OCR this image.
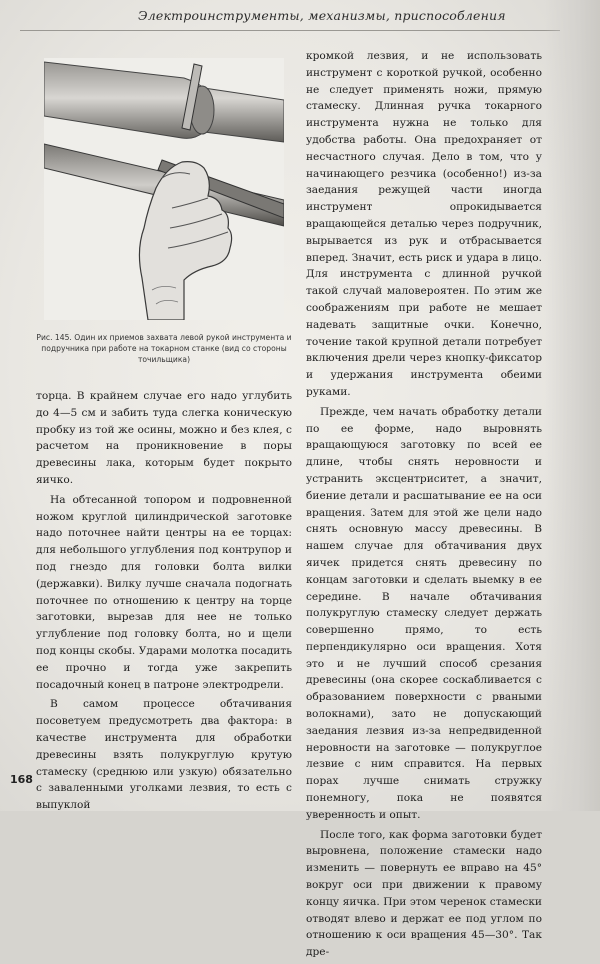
Электроинструменты, механизмы, приспособления
Рис. 145. Один их приемов захвата левой рукой инструмента и подручника при работе на токарном станке (вид со стороны точильщика)

торца. В крайнем случае его надо углубить до 4—5 см и забить туда слегка коническую пробку из той же осины, можно и без клея, с расчетом на проникновение в поры древесины лака, которым будет покрыто яичко.

На обтесанной топором и подровненной ножом круглой цилиндрической заготовке надо поточнее найти центры на ее торцах: для небольшого углубления под контрупор и под гнездо для головки болта вилки (державки). Вилку лучше сначала подогнать поточнее по отношению к центру на торце заготовки, вырезав для нее не только углубление под головку болта, но и щели под концы скобы. Ударами молотка посадить ее прочно и тогда уже закрепить посадочный конец в патроне электродрели.

В самом процессе обтачивания посоветуем предусмотреть два фактора: в качестве инструмента для обработки древесины взять полукруглую крутую стамеску (среднюю или узкую) обязательно с заваленными уголками лезвия, то есть с выпуклой

кромкой лезвия, и не использовать инструмент с короткой ручкой, особенно не следует применять ножи, прямую стамеску. Длинная ручка токарного инструмента нужна не только для удобства работы. Она предохраняет от несчастного случая. Дело в том, что у начинающего резчика (особенно!) из-за заедания режущей части иногда инструмент опрокидывается вращающейся деталью через подручник, вырывается из рук и отбрасывается вперед. Значит, есть риск и удара в лицо. Для инструмента с длинной ручкой такой случай маловероятен. По этим же соображениям при работе не мешает надевать защитные очки. Конечно, точение такой крупной детали потребует включения дрели через кнопку-фиксатор и удержания инструмента обеими руками.

Прежде, чем начать обработку детали по ее форме, надо выровнять вращающуюся заготовку по всей ее длине, чтобы снять неровности и устранить эксцентриситет, а значит, биение детали и расшатывание ее на оси вращения. Затем для этой же цели надо снять основную массу древесины. В нашем случае для обтачивания двух яичек придется снять древесину по концам заготовки и сделать выемку в ее середине. В начале обтачивания полукруглую стамеску следует держать совершенно прямо, то есть перпендикулярно оси вращения. Хотя это и не лучший способ срезания древесины (она скорее соскабливается с образованием поверхности с рваными волокнами), зато не допускающий заедания лезвия из-за непредвиденной неровности на заготовке — полукруглое лезвие с ним справится. На первых порах лучше снимать стружку понемногу, пока не появятся уверенность и опыт.

После того, как форма заготовки будет выровнена, положение стамески надо изменить — повернуть ее вправо на 45° вокруг оси при движении к правому концу яичка. При этом черенок стамески отводят влево и держат ее под углом по отношению к оси вращения 45—30°. Так дре-

168
